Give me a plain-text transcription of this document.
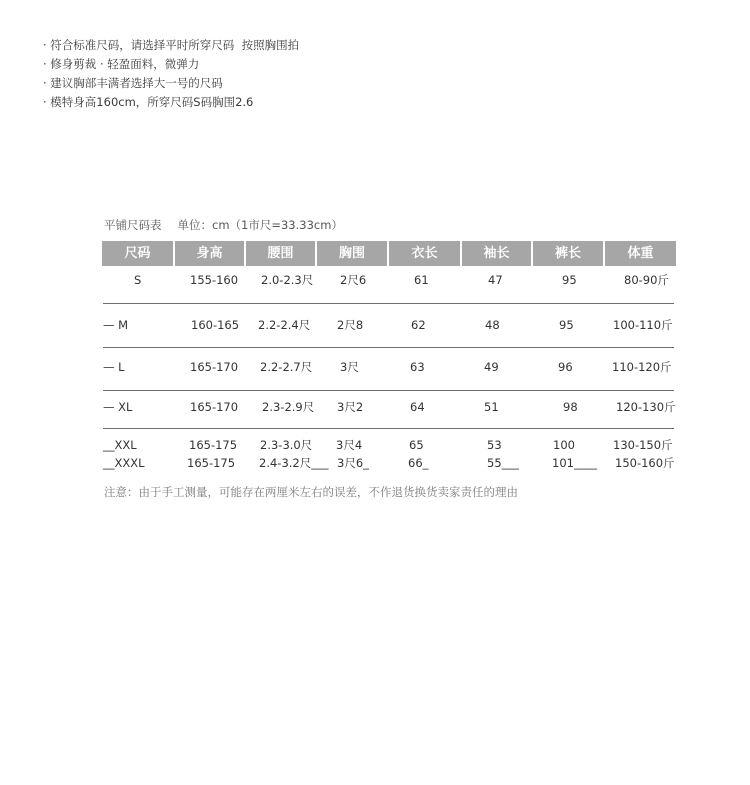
· 符合标准尺码，请选择平时所穿尺码  按照胸围拍
· 修身剪裁 · 轻盈面料，微弹力
· 建议胸部丰满者选择大一号的尺码
· 模特身高160cm，所穿尺码S码胸围2.6
平铺尺码表 单位：cm（1市尺=33.33cm）
尺码	身高	腰围	胸围	衣长	袖长	裤长	体重
S	155-160 2.0-2.3尺 2尺6	61	47	95	80-90斤
— M	160-165 2.2-2.4尺 2尺8	62	48	95	100-110斤
— L	165-170 2.2-2.7尺 3尺	63	49	96	110-120斤
— XL	165-170 2.3-2.9尺 3尺2	64	51	98	120-130斤
__XXL	165-175 2.3-3.0尺 3尺4	65	53	100	130-150斤
__XXXL	165-175 2.4-3.2尺___ 3尺6_	66_	55___	101____ 150-160斤
注意：由于手工测量，可能存在两厘米左右的误差，不作退货换货卖家责任的理由
